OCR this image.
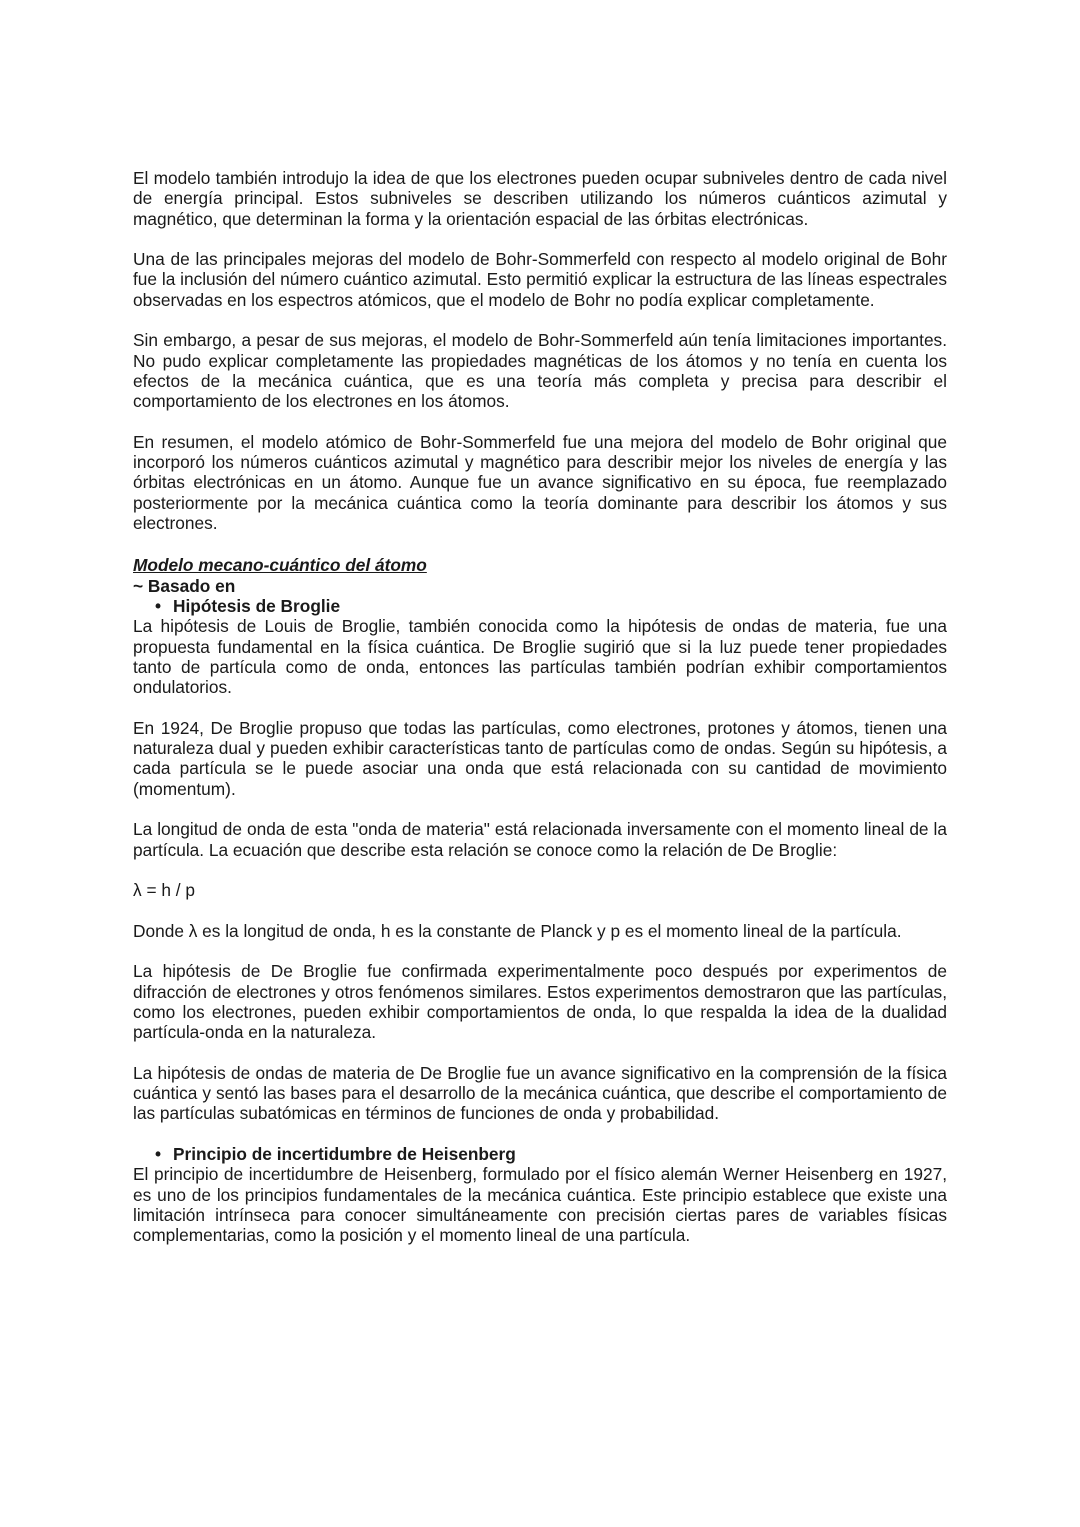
El modelo también introdujo la idea de que los electrones pueden ocupar subniveles dentro de cada nivel de energía principal. Estos subniveles se describen utilizando los números cuánticos azimutal y magnético, que determinan la forma y la orientación espacial de las órbitas electrónicas.

Una de las principales mejoras del modelo de Bohr-Sommerfeld con respecto al modelo original de Bohr fue la inclusión del número cuántico azimutal. Esto permitió explicar la estructura de las líneas espectrales observadas en los espectros atómicos, que el modelo de Bohr no podía explicar completamente.

Sin embargo, a pesar de sus mejoras, el modelo de Bohr-Sommerfeld aún tenía limitaciones importantes. No pudo explicar completamente las propiedades magnéticas de los átomos y no tenía en cuenta los efectos de la mecánica cuántica, que es una teoría más completa y precisa para describir el comportamiento de los electrones en los átomos.

En resumen, el modelo atómico de Bohr-Sommerfeld fue una mejora del modelo de Bohr original que incorporó los números cuánticos azimutal y magnético para describir mejor los niveles de energía y las órbitas electrónicas en un átomo. Aunque fue un avance significativo en su época, fue reemplazado posteriormente por la mecánica cuántica como la teoría dominante para describir los átomos y sus electrones.

Modelo mecano-cuántico del átomo
~ Basado en
• Hipótesis de Broglie

La hipótesis de Louis de Broglie, también conocida como la hipótesis de ondas de materia, fue una propuesta fundamental en la física cuántica. De Broglie sugirió que si la luz puede tener propiedades tanto de partícula como de onda, entonces las partículas también podrían exhibir comportamientos ondulatorios.

En 1924, De Broglie propuso que todas las partículas, como electrones, protones y átomos, tienen una naturaleza dual y pueden exhibir características tanto de partículas como de ondas. Según su hipótesis, a cada partícula se le puede asociar una onda que está relacionada con su cantidad de movimiento (momentum).

La longitud de onda de esta "onda de materia" está relacionada inversamente con el momento lineal de la partícula. La ecuación que describe esta relación se conoce como la relación de De Broglie:

λ = h / p

Donde λ es la longitud de onda, h es la constante de Planck y p es el momento lineal de la partícula.

La hipótesis de De Broglie fue confirmada experimentalmente poco después por experimentos de difracción de electrones y otros fenómenos similares. Estos experimentos demostraron que las partículas, como los electrones, pueden exhibir comportamientos de onda, lo que respalda la idea de la dualidad partícula-onda en la naturaleza.

La hipótesis de ondas de materia de De Broglie fue un avance significativo en la comprensión de la física cuántica y sentó las bases para el desarrollo de la mecánica cuántica, que describe el comportamiento de las partículas subatómicas en términos de funciones de onda y probabilidad.

• Principio de incertidumbre de Heisenberg

El principio de incertidumbre de Heisenberg, formulado por el físico alemán Werner Heisenberg en 1927, es uno de los principios fundamentales de la mecánica cuántica. Este principio establece que existe una limitación intrínseca para conocer simultáneamente con precisión ciertas pares de variables físicas complementarias, como la posición y el momento lineal de una partícula.
